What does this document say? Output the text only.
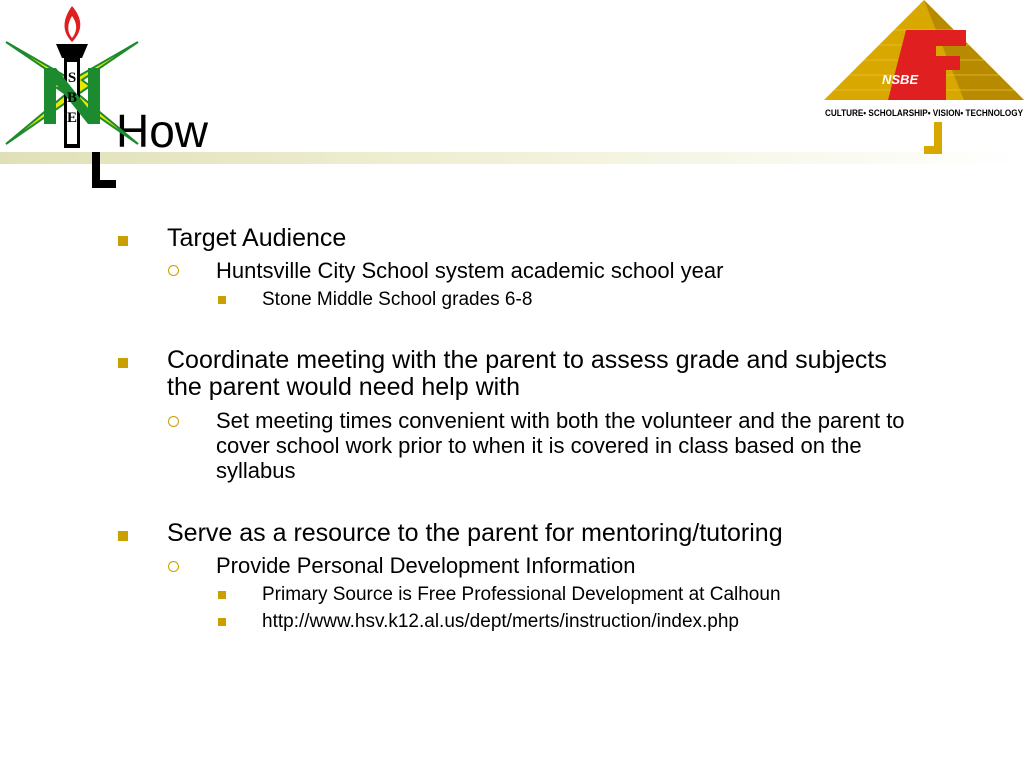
How
S
B
E
NSBE
CULTURE• SCHOLARSHIP• VISION• TECHNOLOGY
Target Audience
Huntsville City School system academic school year
Stone Middle School grades 6-8
Coordinate meeting with the parent to assess grade and subjects the parent would need help with
Set meeting times convenient with both the volunteer and the parent to cover school work prior to when it is covered in class based on the syllabus
Serve as a resource to the parent for mentoring/tutoring
Provide Personal Development Information
Primary Source is Free Professional Development at Calhoun
http://www.hsv.k12.al.us/dept/merts/instruction/index.php
